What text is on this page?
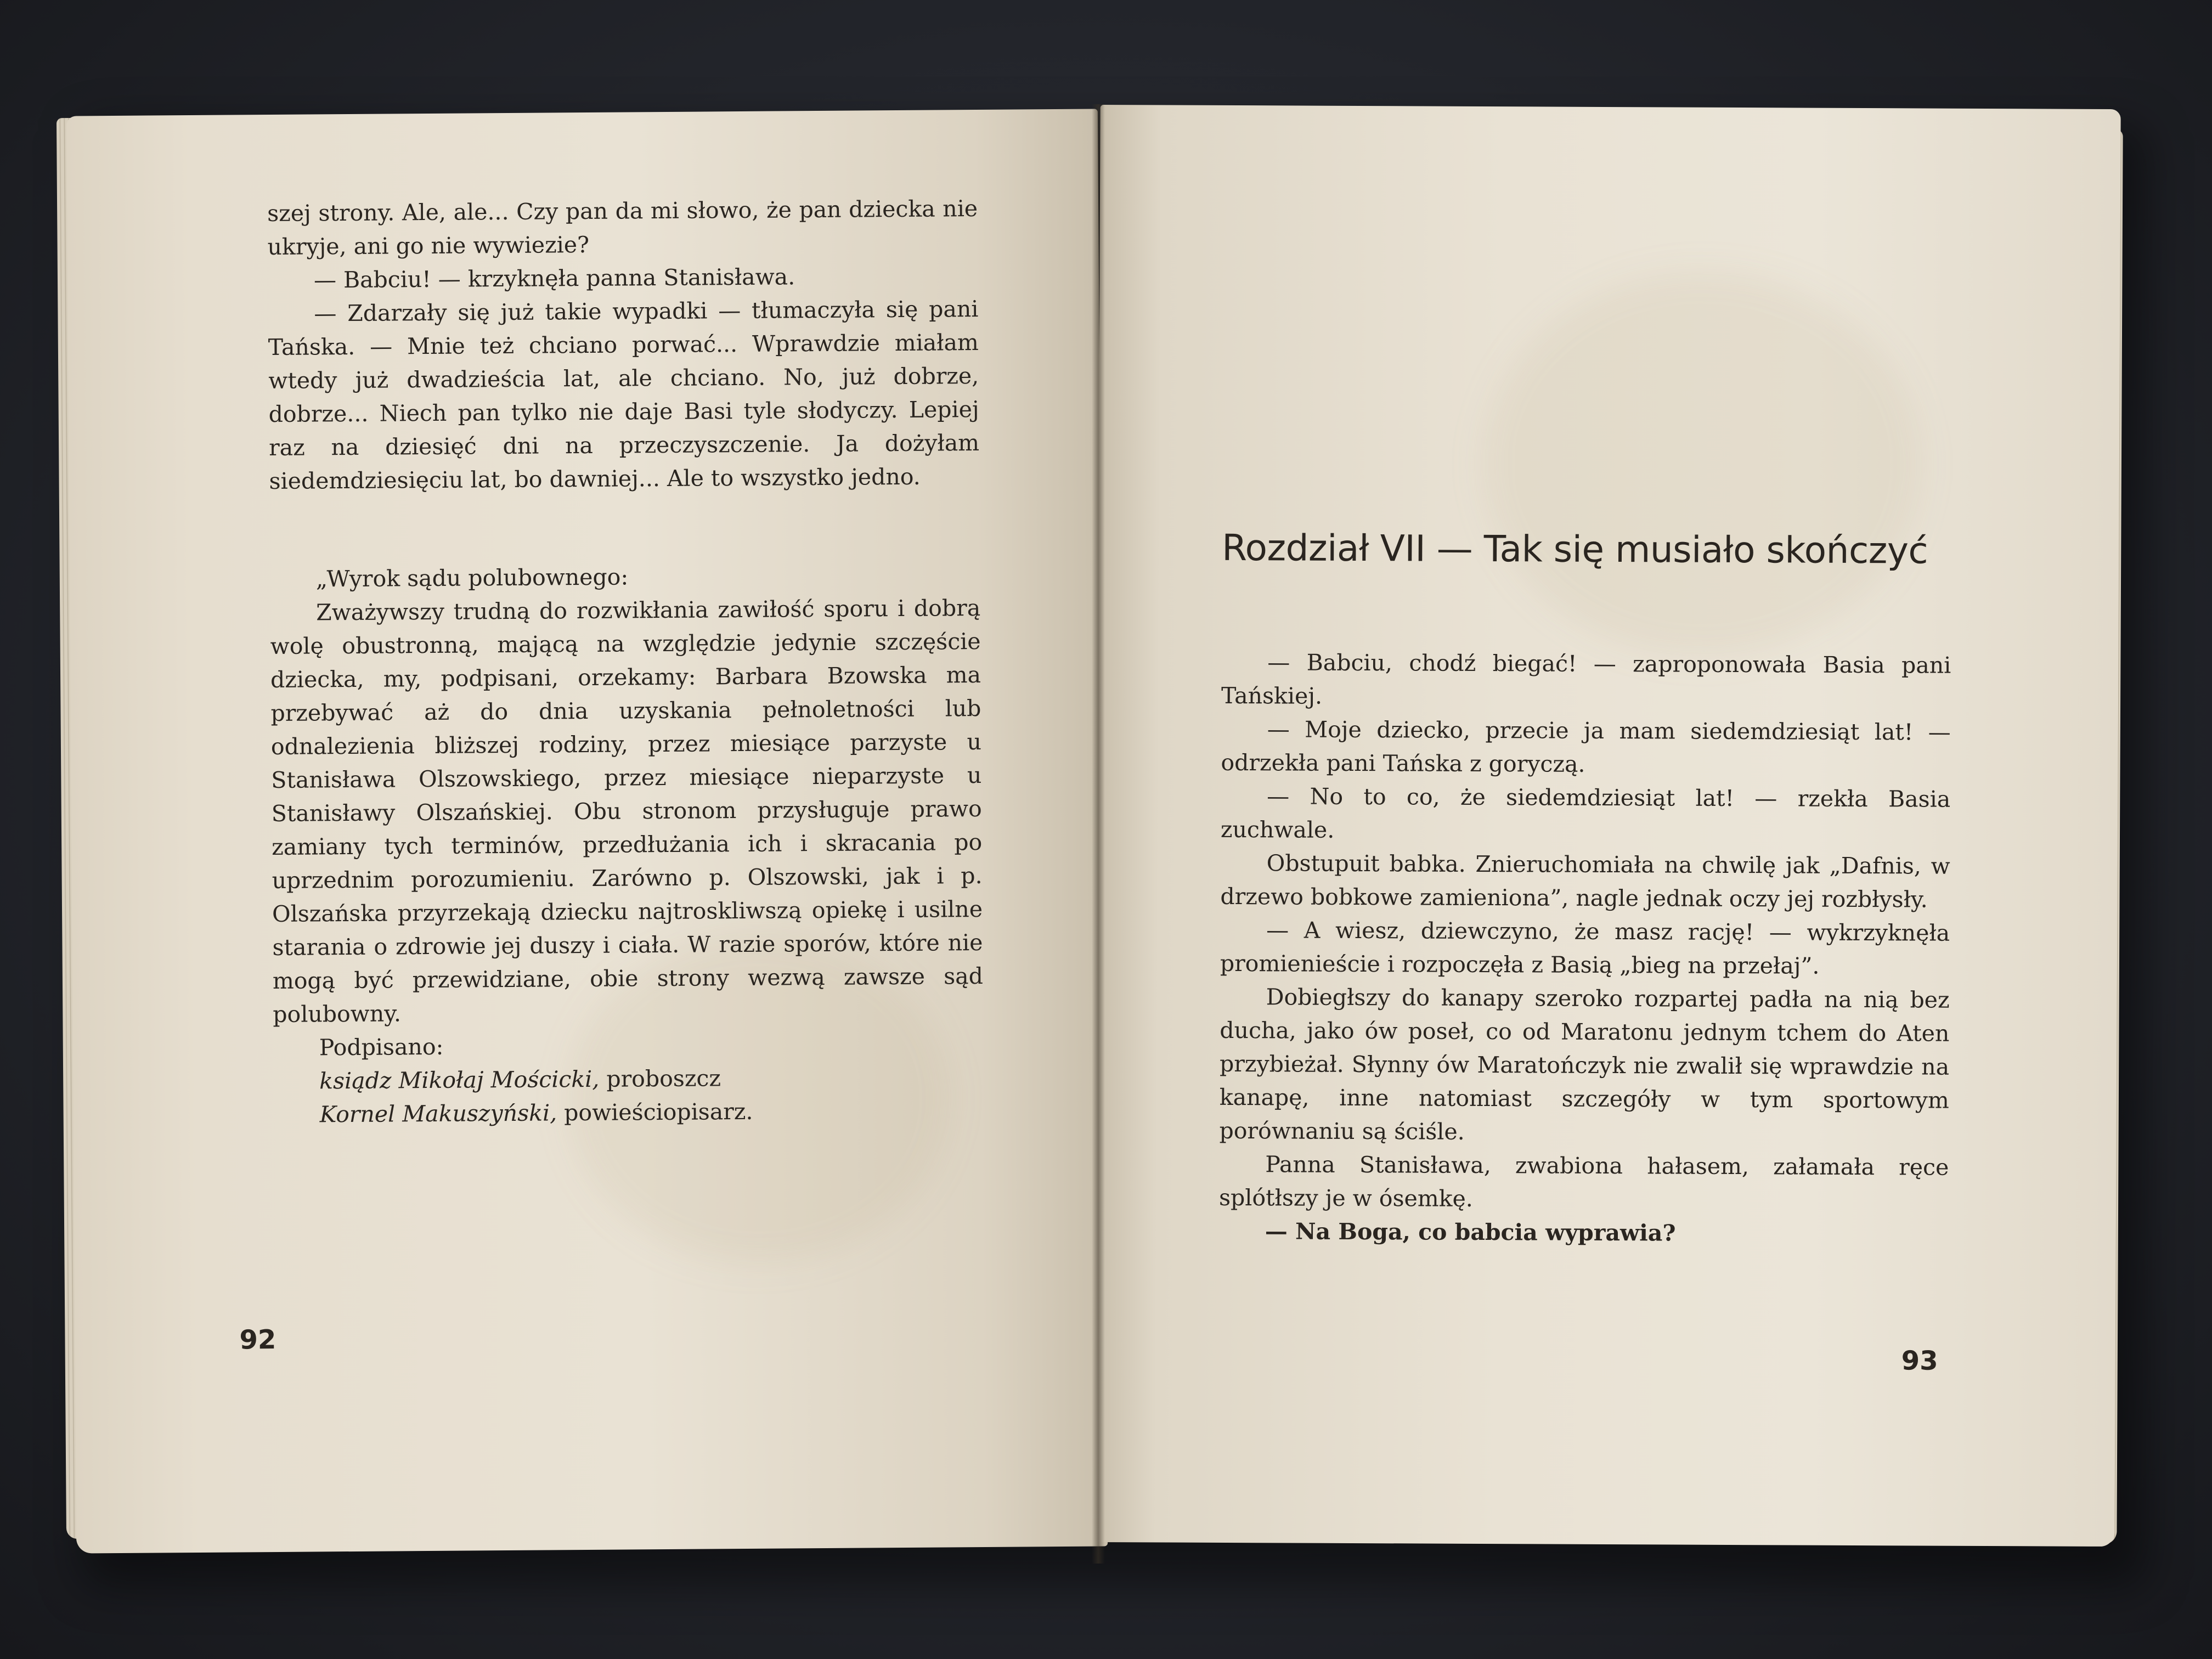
szej strony. Ale, ale... Czy pan da mi słowo, że pan dziecka nie ukryje, ani go nie wywiezie?

— Babciu! — krzyknęła panna Stanisława.

— Zdarzały się już takie wypadki — tłumaczyła się pani Tańska. — Mnie też chciano porwać... Wprawdzie miałam wtedy już dwadzieścia lat, ale chciano. No, już dobrze, dobrze... Niech pan tylko nie daje Basi tyle słodyczy. Lepiej raz na dziesięć dni na przeczyszczenie. Ja dożyłam siedemdziesięciu lat, bo dawniej... Ale to wszystko jedno.

„Wyrok sądu polubownego:

Zważywszy trudną do rozwikłania zawiłość sporu i dobrą wolę obustronną, mającą na względzie jedynie szczęście dziecka, my, podpisani, orzekamy: Barbara Bzowska ma przebywać aż do dnia uzyskania pełnoletności lub odnalezienia bliższej rodziny, przez miesiące parzyste u Stanisława Olszowskiego, przez miesiące nieparzyste u Stanisławy Olszańskiej. Obu stronom przysługuje prawo zamiany tych terminów, przedłużania ich i skracania po uprzednim porozumieniu. Zarówno p. Olszowski, jak i p. Olszańska przyrzekają dziecku najtroskliwszą opiekę i usilne starania o zdrowie jej duszy i ciała. W razie sporów, które nie mogą być przewidziane, obie strony wezwą zawsze sąd polubowny.

Podpisano:

ksiądz Mikołaj Mościcki, proboszcz

Kornel Makuszyński, powieściopisarz.

92
Rozdział VII — Tak się musiało skończyć

— Babciu, chodź biegać! — zaproponowała Basia pani Tańskiej.

— Moje dziecko, przecie ja mam siedemdziesiąt lat! — odrzekła pani Tańska z goryczą.

— No to co, że siedemdziesiąt lat! — rzekła Basia zuchwale.

Obstupuit babka. Znieruchomiała na chwilę jak „Dafnis, w drzewo bobkowe zamieniona”, nagle jednak oczy jej rozbłysły.

— A wiesz, dziewczyno, że masz rację! — wykrzyknęła promienieście i rozpoczęła z Basią „bieg na przełaj”.

Dobiegłszy do kanapy szeroko rozpartej padła na nią bez ducha, jako ów poseł, co od Maratonu jednym tchem do Aten przybieżał. Słynny ów Maratończyk nie zwalił się wprawdzie na kanapę, inne natomiast szczegóły w tym sportowym porównaniu są ściśle.

Panna Stanisława, zwabiona hałasem, załamała ręce splótłszy je w ósemkę.

— Na Boga, co babcia wyprawia?

93
